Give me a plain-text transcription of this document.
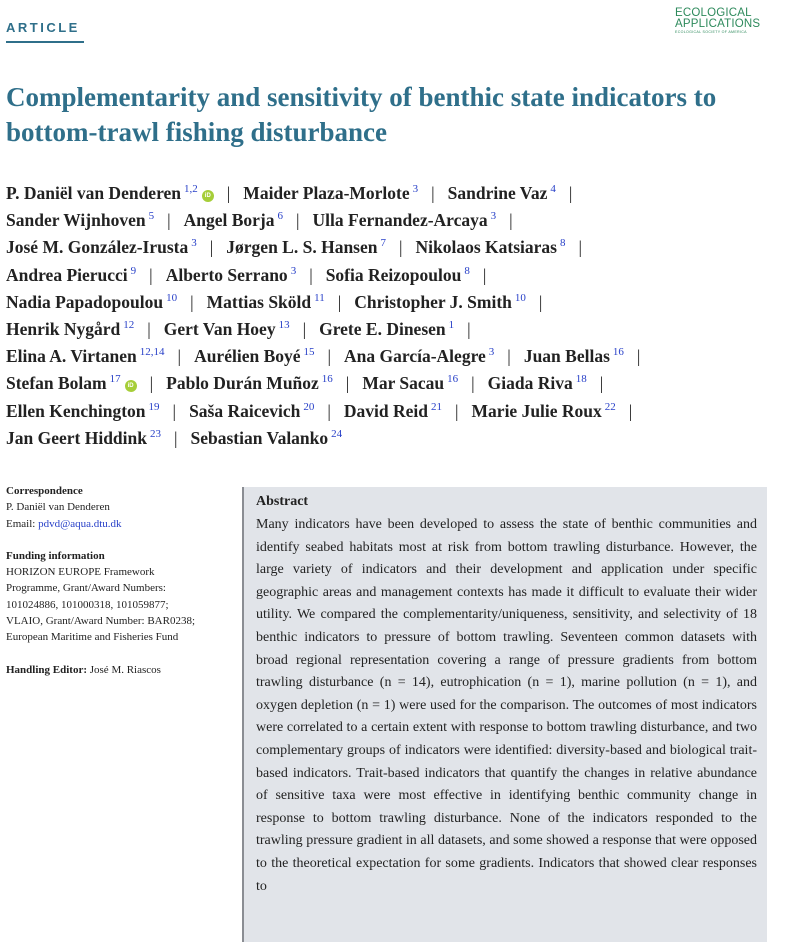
ARTICLE
ECOLOGICAL
APPLICATIONS
ECOLOGICAL SOCIETY OF AMERICA
Complementarity and sensitivity of benthic state indicators to bottom-trawl fishing disturbance
P. Daniël van Denderen $^{1,2}$iD | Maider Plaza-Morlote $^3$ | Sandrine Vaz $^4$ |
Sander Wijnhoven $^5$ | Angel Borja $^6$ | Ulla Fernandez-Arcaya $^3$ |
José M. González-Irusta $^3$ | Jørgen L. S. Hansen $^7$ | Nikolaos Katsiaras $^8$ |
Andrea Pierucci $^9$ | Alberto Serrano $^3$ | Sofia Reizopoulou $^8$ |
Nadia Papadopoulou $^{10}$ | Mattias Sköld $^{11}$ | Christopher J. Smith $^{10}$ |
Henrik Nygård $^{12}$ | Gert Van Hoey $^{13}$ | Grete E. Dinesen $^1$ |
Elina A. Virtanen $^{12,14}$ | Aurélien Boyé $^{15}$ | Ana García-Alegre $^3$ | Juan Bellas $^{16}$ |
Stefan Bolam $^{17}$iD | Pablo Durán Muñoz $^{16}$ | Mar Sacau $^{16}$ | Giada Riva $^{18}$ |
Ellen Kenchington $^{19}$ | Saša Raicevich $^{20}$ | David Reid $^{21}$ | Marie Julie Roux $^{22}$ |
Jan Geert Hiddink $^{23}$ | Sebastian Valanko $^{24}$
Correspondence
P. Daniël van Denderen
Email: pdvd@aqua.dtu.dk
Funding information
HORIZON EUROPE Framework
Programme, Grant/Award Numbers:
101024886, 101000318, 101059877;
VLAIO, Grant/Award Number: BAR0238;
European Maritime and Fisheries Fund
Handling Editor: José M. Riascos
Abstract
Many indicators have been developed to assess the state of benthic communities and identify seabed habitats most at risk from bottom trawling disturbance. However, the large variety of indicators and their development and application under specific geographic areas and management contexts has made it difficult to evaluate their wider utility. We compared the complementarity/uniqueness, sensitivity, and selectivity of 18 benthic indicators to pressure of bottom trawling. Seventeen common datasets with broad regional representation covering a range of pressure gradients from bottom trawling disturbance (n = 14), eutrophication (n = 1), marine pollution (n = 1), and oxygen depletion (n = 1) were used for the comparison. The outcomes of most indicators were correlated to a certain extent with response to bottom trawling disturbance, and two complementary groups of indicators were identified: diversity-based and biological trait-based indicators. Trait-based indicators that quantify the changes in relative abundance of sensitive taxa were most effective in identifying benthic community change in response to bottom trawling disturbance. None of the indicators responded to the trawling pressure gradient in all datasets, and some showed a response that were opposed to the theoretical expectation for some gradients. Indicators that showed clear responses to
